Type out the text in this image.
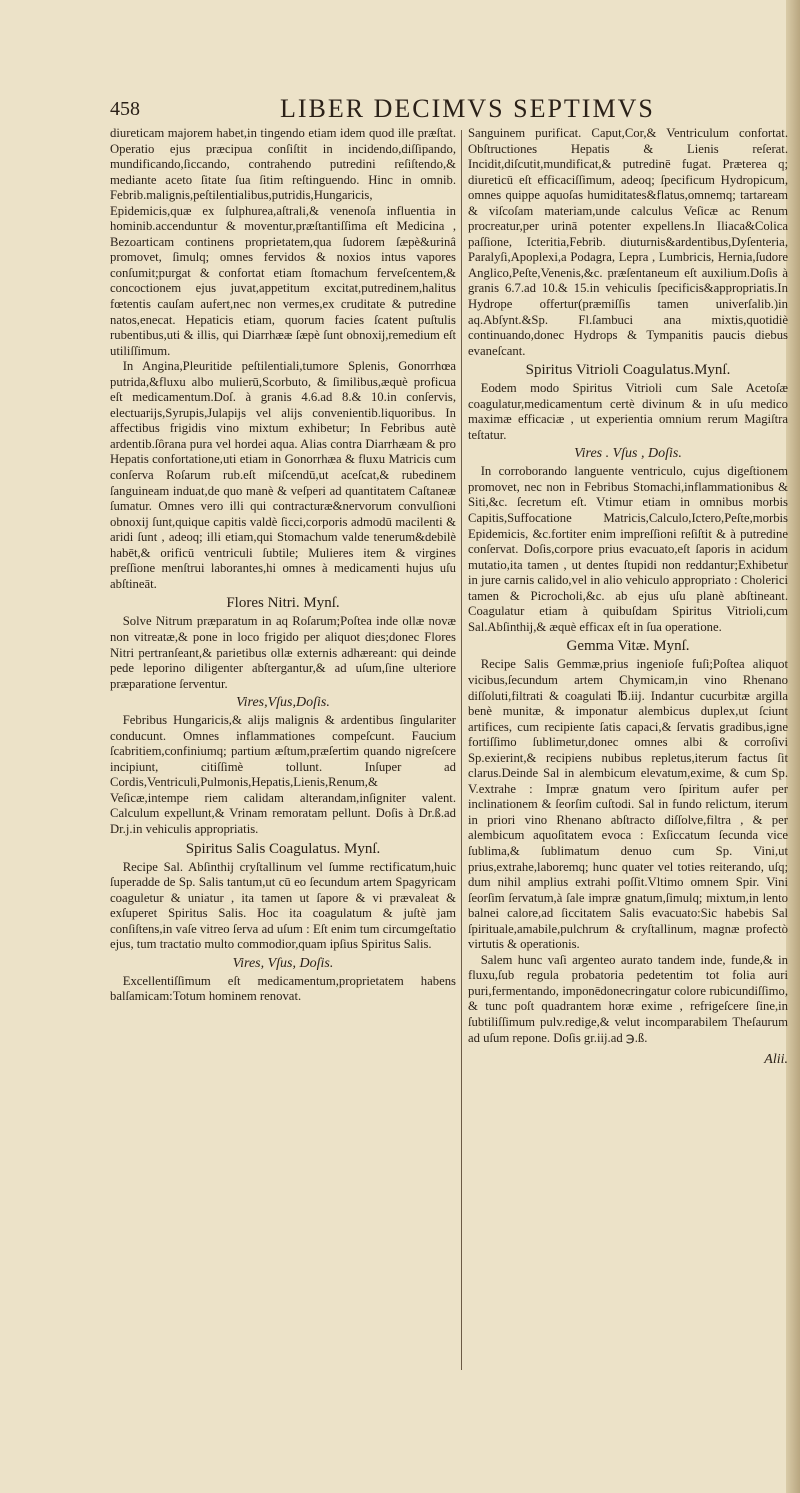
458	LIBER DECIMVS SEPTIMVS

diureticam majorem habet,in tingendo etiam idem quod ille præſtat. Operatio ejus præcipua conſiſtit in incidendo,diſſipando, mundificando,ſiccando, contrahendo putredini reſiſtendo,& mediante aceto ſitate ſua ſitim reſtinguendo. Hinc in omnib. Febrib.malignis,peſtilentialibus,putridis,Hungaricis, Epidemicis,quæ ex ſulphurea,aſtrali,& venenoſa influentia in hominib.accenduntur & moventur,præſtantiſſima eſt Medicina , Bezoarticam continens proprietatem,qua ſudorem ſæpè&urinâ promovet, ſimulq; omnes fervidos & noxios intus vapores conſumit;purgat & confortat etiam ſtomachum ferveſcentem,& concoctionem ejus juvat,appetitum excitat,putredinem,halitus fœtentis cauſam aufert,nec non vermes,ex cruditate & putredine natos,enecat. Hepaticis etiam, quorum facies ſcatent puſtulis rubentibus,uti & illis, qui Diarrhææ ſæpè ſunt obnoxij,remedium eſt utiliſſimum.

In Angina,Pleuritide peſtilentiali,tumore Splenis, Gonorrhœa putrida,&fluxu albo mulierū,Scorbuto, & ſimilibus,æquè proficua eſt medicamentum.Doſ. à granis 4.6.ad 8.& 10.in conſervis, electuarijs,Syrupis,Julapijs vel alijs convenientib.liquoribus. In affectibus frigidis vino mixtum exhibetur; In Febribus autè ardentib.ſôrana pura vel hordei aqua. Alias contra Diarrhæam & pro Hepatis confortatione,uti etiam in Gonorrhæa & fluxu Matricis cum conſerva Roſarum rub.eſt miſcendū,ut aceſcat,& rubedinem ſanguineam induat,de quo manè & veſperi ad quantitatem Caſtaneæ ſumatur. Omnes vero illi qui contracturæ&nervorum convulſioni obnoxij ſunt,quique capitis valdè ſicci,corporis admodū macilenti & aridi ſunt , adeoq; illi etiam,qui Stomachum valde tenerum&debilè habēt,& orificū ventriculi ſubtile; Mulieres item & virgines preſſione menſtrui laborantes,hi omnes à medicamenti hujus uſu abſtineāt.

Flores Nitri. Mynſ.

Solve Nitrum præparatum in aq Roſarum;Poſtea inde ollæ novæ non vitreatæ,& pone in loco frigido per aliquot dies;donec Flores Nitri pertranſeant,& parietibus ollæ externis adhæreant: qui deinde pede leporino diligenter abſtergantur,& ad uſum,ſine ulteriore præparatione ſerventur.

Vires,Vſus,Doſis.

Febribus Hungaricis,& alijs malignis & ardentibus ſingulariter conducunt. Omnes inflammationes compeſcunt. Faucium ſcabritiem,confiniumq; partium æſtum,præſertim quando nigreſcere incipiunt, citiſſimè tollunt. Inſuper ad Cordis,Ventriculi,Pulmonis,Hepatis,Lienis,Renum,& Veſicæ,intempe riem calidam alterandam,inſigniter valent. Calculum expellunt,& Vrinam remoratam pellunt. Doſis à Dr.ß.ad Dr.j.in vehiculis appropriatis.

Spiritus Salis Coagulatus. Mynſ.

Recipe Sal. Abſinthij cryſtallinum vel ſumme rectificatum,huic ſuperadde de Sp. Salis tantum,ut cū eo ſecundum artem Spagyricam coaguletur & uniatur , ita tamen ut ſapore & vi prævaleat & exſuperet Spiritus Salis. Hoc ita coagulatum & juſtè jam conſiſtens,in vaſe vitreo ſerva ad uſum : Eſt enim tum circumgeſtatio ejus, tum tractatio multo commodior,quam ipſius Spiritus Salis.

Vires, Vſus, Doſis.

Excellentiſſimum eſt medicamentum,proprietatem habens balſamicam:Totum hominem renovat.

Sanguinem purificat. Caput,Cor,& Ventriculum confortat. Obſtructiones Hepatis & Lienis reſerat. Incidit,diſcutit,mundificat,& putredinē fugat. Præterea q; diureticū eſt efficaciſſimum, adeoq; ſpecificum Hydropicum, omnes quippe aquoſas humiditates&flatus,omnemq; tartaream & viſcoſam materiam,unde calculus Veſicæ ac Renum procreatur,per urinā potenter expellens.In Iliaca&Colica paſſione, Icteritia,Febrib. diuturnis&ardentibus,Dyſenteria, Paralyſi,Apoplexi,a Podagra, Lepra , Lumbricis, Hernia,ſudore Anglico,Peſte,Venenis,&c. præſentaneum eſt auxilium.Doſis à granis 6.7.ad 10.& 15.in vehiculis ſpecificis&appropriatis.In Hydrope offertur(præmiſſis tamen univerſalib.)in aq.Abſynt.&Sp. Fl.ſambuci ana mixtis,quotidiè continuando,donec Hydrops & Tympanitis paucis diebus evaneſcant.

Spiritus Vitrioli Coagulatus.Mynſ.

Eodem modo Spiritus Vitrioli cum Sale Acetoſæ coagulatur,medicamentum certè divinum & in uſu medico maximæ efficaciæ , ut experientia omnium rerum Magiſtra teſtatur.

Vires . Vſus , Doſis.

In corroborando languente ventriculo, cujus digeſtionem promovet, nec non in Febribus Stomachi,inflammationibus & Siti,&c. ſecretum eſt. Vtimur etiam in omnibus morbis Capitis,Suffocatione Matricis,Calculo,Ictero,Peſte,morbis Epidemicis, &c.fortiter enim impreſſioni reſiſtit & à putredine conſervat. Doſis,corpore prius evacuato,eſt ſaporis in acidum mutatio,ita tamen , ut dentes ſtupidi non reddantur;Exhibetur in jure carnis calido,vel in alio vehiculo appropriato : Cholerici tamen & Picrocholi,&c. ab ejus uſu planè abſtineant. Coagulatur etiam à quibuſdam Spiritus Vitrioli,cum Sal.Abſinthij,& æquè efficax eſt in ſua operatione.

Gemma Vitæ. Mynſ.

Recipe Salis Gemmæ,prius ingenioſe fuſi;Poſtea aliquot vicibus,ſecundum artem Chymicam,in vino Rhenano diſſoluti,filtrati & coagulati ℔.iij. Indantur cucurbitæ argilla benè munitæ, & imponatur alembicus duplex,ut ſciunt artifices, cum recipiente ſatis capaci,& ſervatis gradibus,igne fortiſſimo ſublimetur,donec omnes albi & corroſivi Sp.exierint,& recipiens nubibus repletus,iterum factus ſit clarus.Deinde Sal in alembicum elevatum,exime, & cum Sp. V.extrahe : Impræ gnatum vero ſpiritum aufer per inclinationem & ſeorſim cuſtodi. Sal in fundo relictum, iterum in priori vino Rhenano abſtracto diſſolve,filtra , & per alembicum aquoſitatem evoca : Exſiccatum ſecunda vice ſublima,& ſublimatum denuo cum Sp. Vini,ut prius,extrahe,laboremq; hunc quater vel toties reiterando, uſq; dum nihil amplius extrahi poſſit.Vltimo omnem Spir. Vini ſeorſim ſervatum,à ſale impræ gnatum,ſimulq; mixtum,in lento balnei calore,ad ſiccitatem Salis evacuato:Sic habebis Sal ſpirituale,amabile,pulchrum & cryſtallinum, magnæ profectò virtutis & operationis.

Salem hunc vaſi argenteo aurato tandem inde, funde,& in fluxu,ſub regula probatoria pedetentim tot folia auri puri,fermentando, imponēdonecringatur colore rubicundiſſimo, & tunc poſt quadrantem horæ exime , refrigeſcere ſine,in ſubtiliſſimum pulv.redige,& velut incomparabilem Theſaurum ad uſum repone. Doſis gr.iij.ad ℈.ß.

Alii.
